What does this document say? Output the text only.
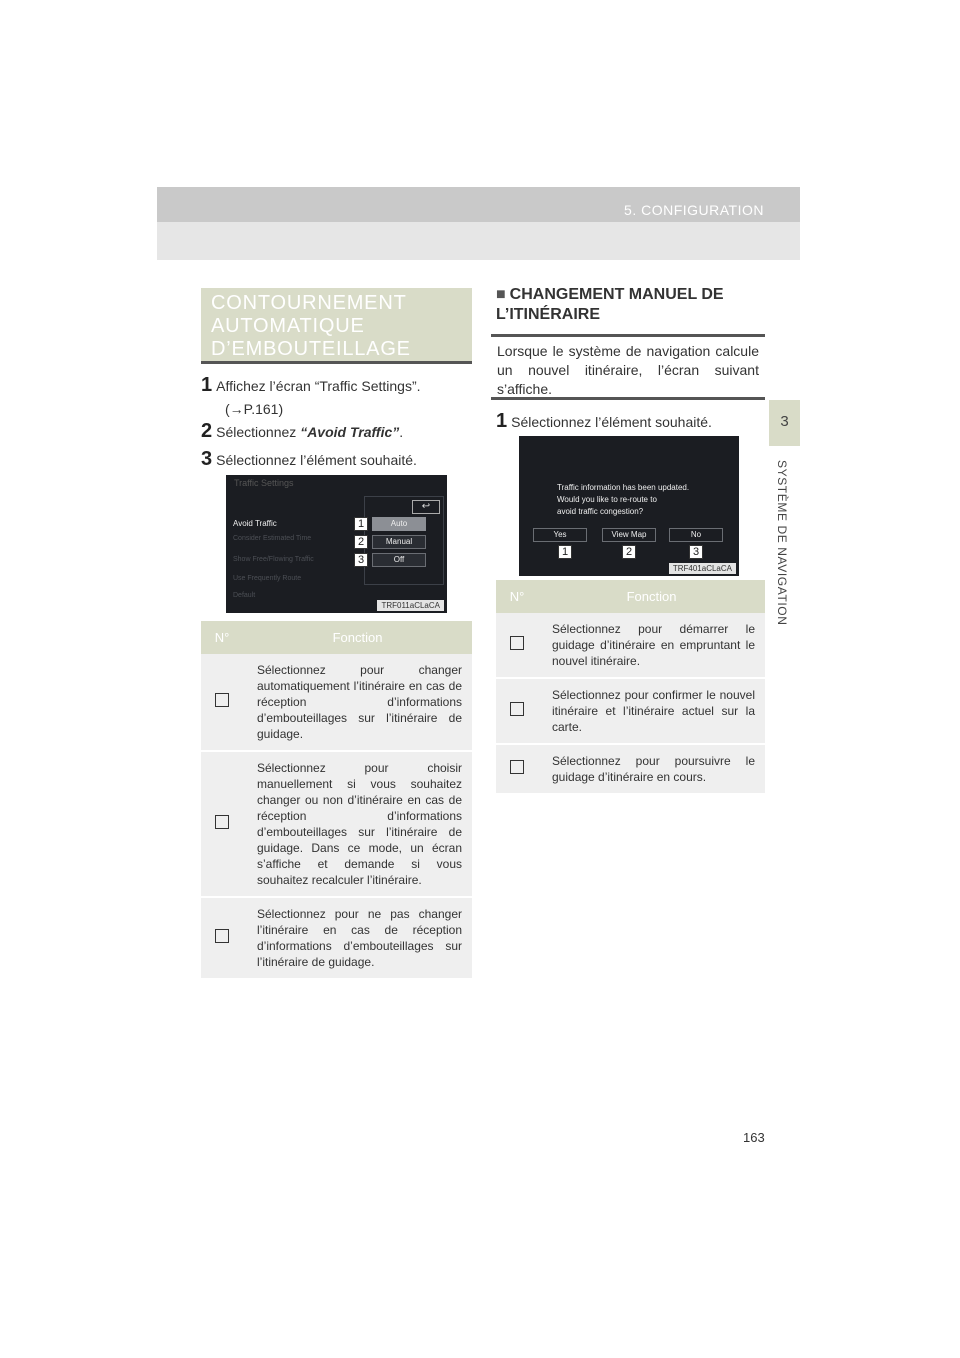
5. CONFIGURATION
3
SYSTÈME DE NAVIGATION
CONTOURNEMENT
AUTOMATIQUE
D’EMBOUTEILLAGE
1 Affichez l’écran “Traffic Settings”.
(→P.161)
2 Sélectionnez “Avoid Traffic”.
3 Sélectionnez l’élément souhaité.
Traffic Settings
↩
Avoid Traffic
Consider Estimated Time
Show Free/Flowing Traffic
Use Frequently Route
Default
Auto
Manual
Off
TRF011aCLaCA
1
2
3
N°	Fonction
	Sélectionnez pour changer automatiquement l’itinéraire en cas de réception d’informations d’embouteillages sur l’itinéraire de guidage.
	Sélectionnez pour choisir manuellement si vous souhaitez changer ou non d’itinéraire en cas de réception d’informations d’embouteillages sur l’itinéraire de guidage. Dans ce mode, un écran s’affiche et demande si vous souhaitez recalculer l’itinéraire.
	Sélectionnez pour ne pas changer l’itinéraire en cas de réception d’informations d’embouteillages sur l’itinéraire de guidage.
■ CHANGEMENT MANUEL DE L’ITINÉRAIRE
Lorsque le système de navigation calcule un nouvel itinéraire, l’écran suivant s’affiche.
1 Sélectionnez l’élément souhaité.
Traffic information has been updated.
Would you like to re-route to
avoid traffic congestion?
Yes	View Map	No
TRF401aCLaCA
1	2	3
N°	Fonction
	Sélectionnez pour démarrer le guidage d’itinéraire en empruntant le nouvel itinéraire.
	Sélectionnez pour confirmer le nouvel itinéraire et l’itinéraire actuel sur la carte.
	Sélectionnez pour poursuivre le guidage d’itinéraire en cours.
163
